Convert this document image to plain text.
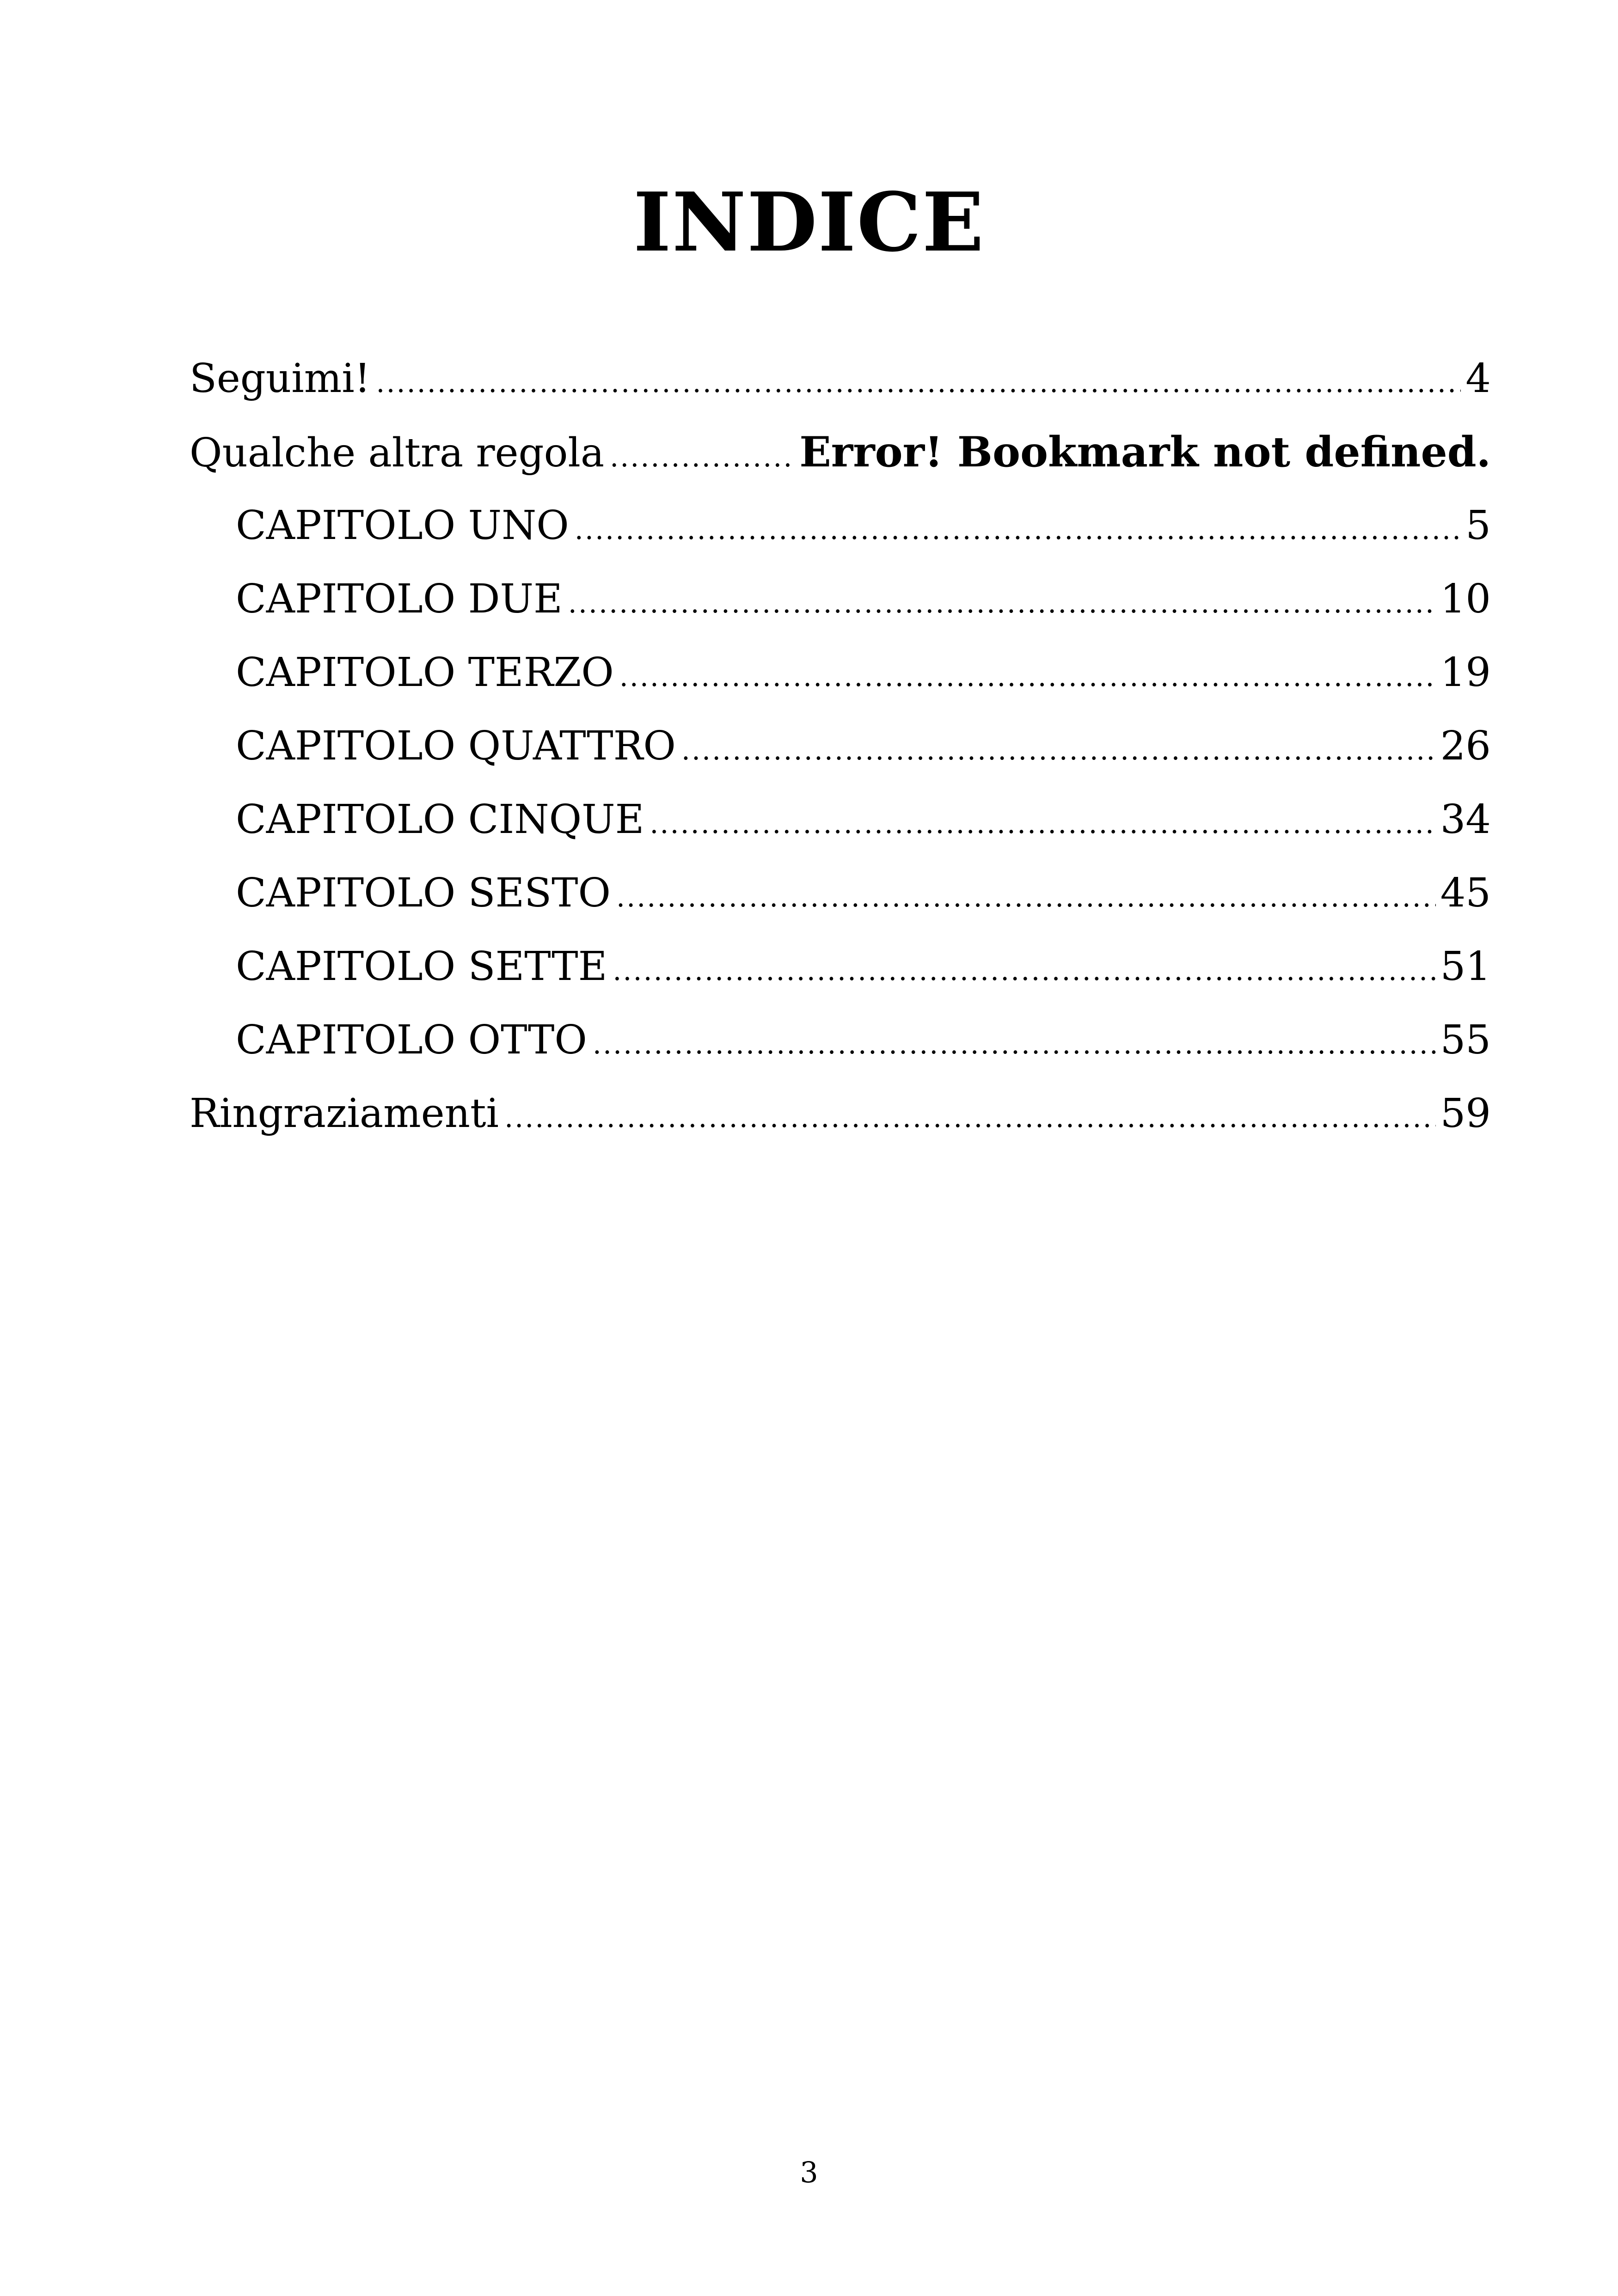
INDICE
Seguimi! .....	4
Qualche altra regola .....	Error! Bookmark not defined.
CAPITOLO UNO .....	5
CAPITOLO DUE .....	10
CAPITOLO TERZO .....	19
CAPITOLO QUATTRO .....	26
CAPITOLO CINQUE .....	34
CAPITOLO SESTO .....	45
CAPITOLO SETTE .....	51
CAPITOLO OTTO .....	55
Ringraziamenti .....	59
3
